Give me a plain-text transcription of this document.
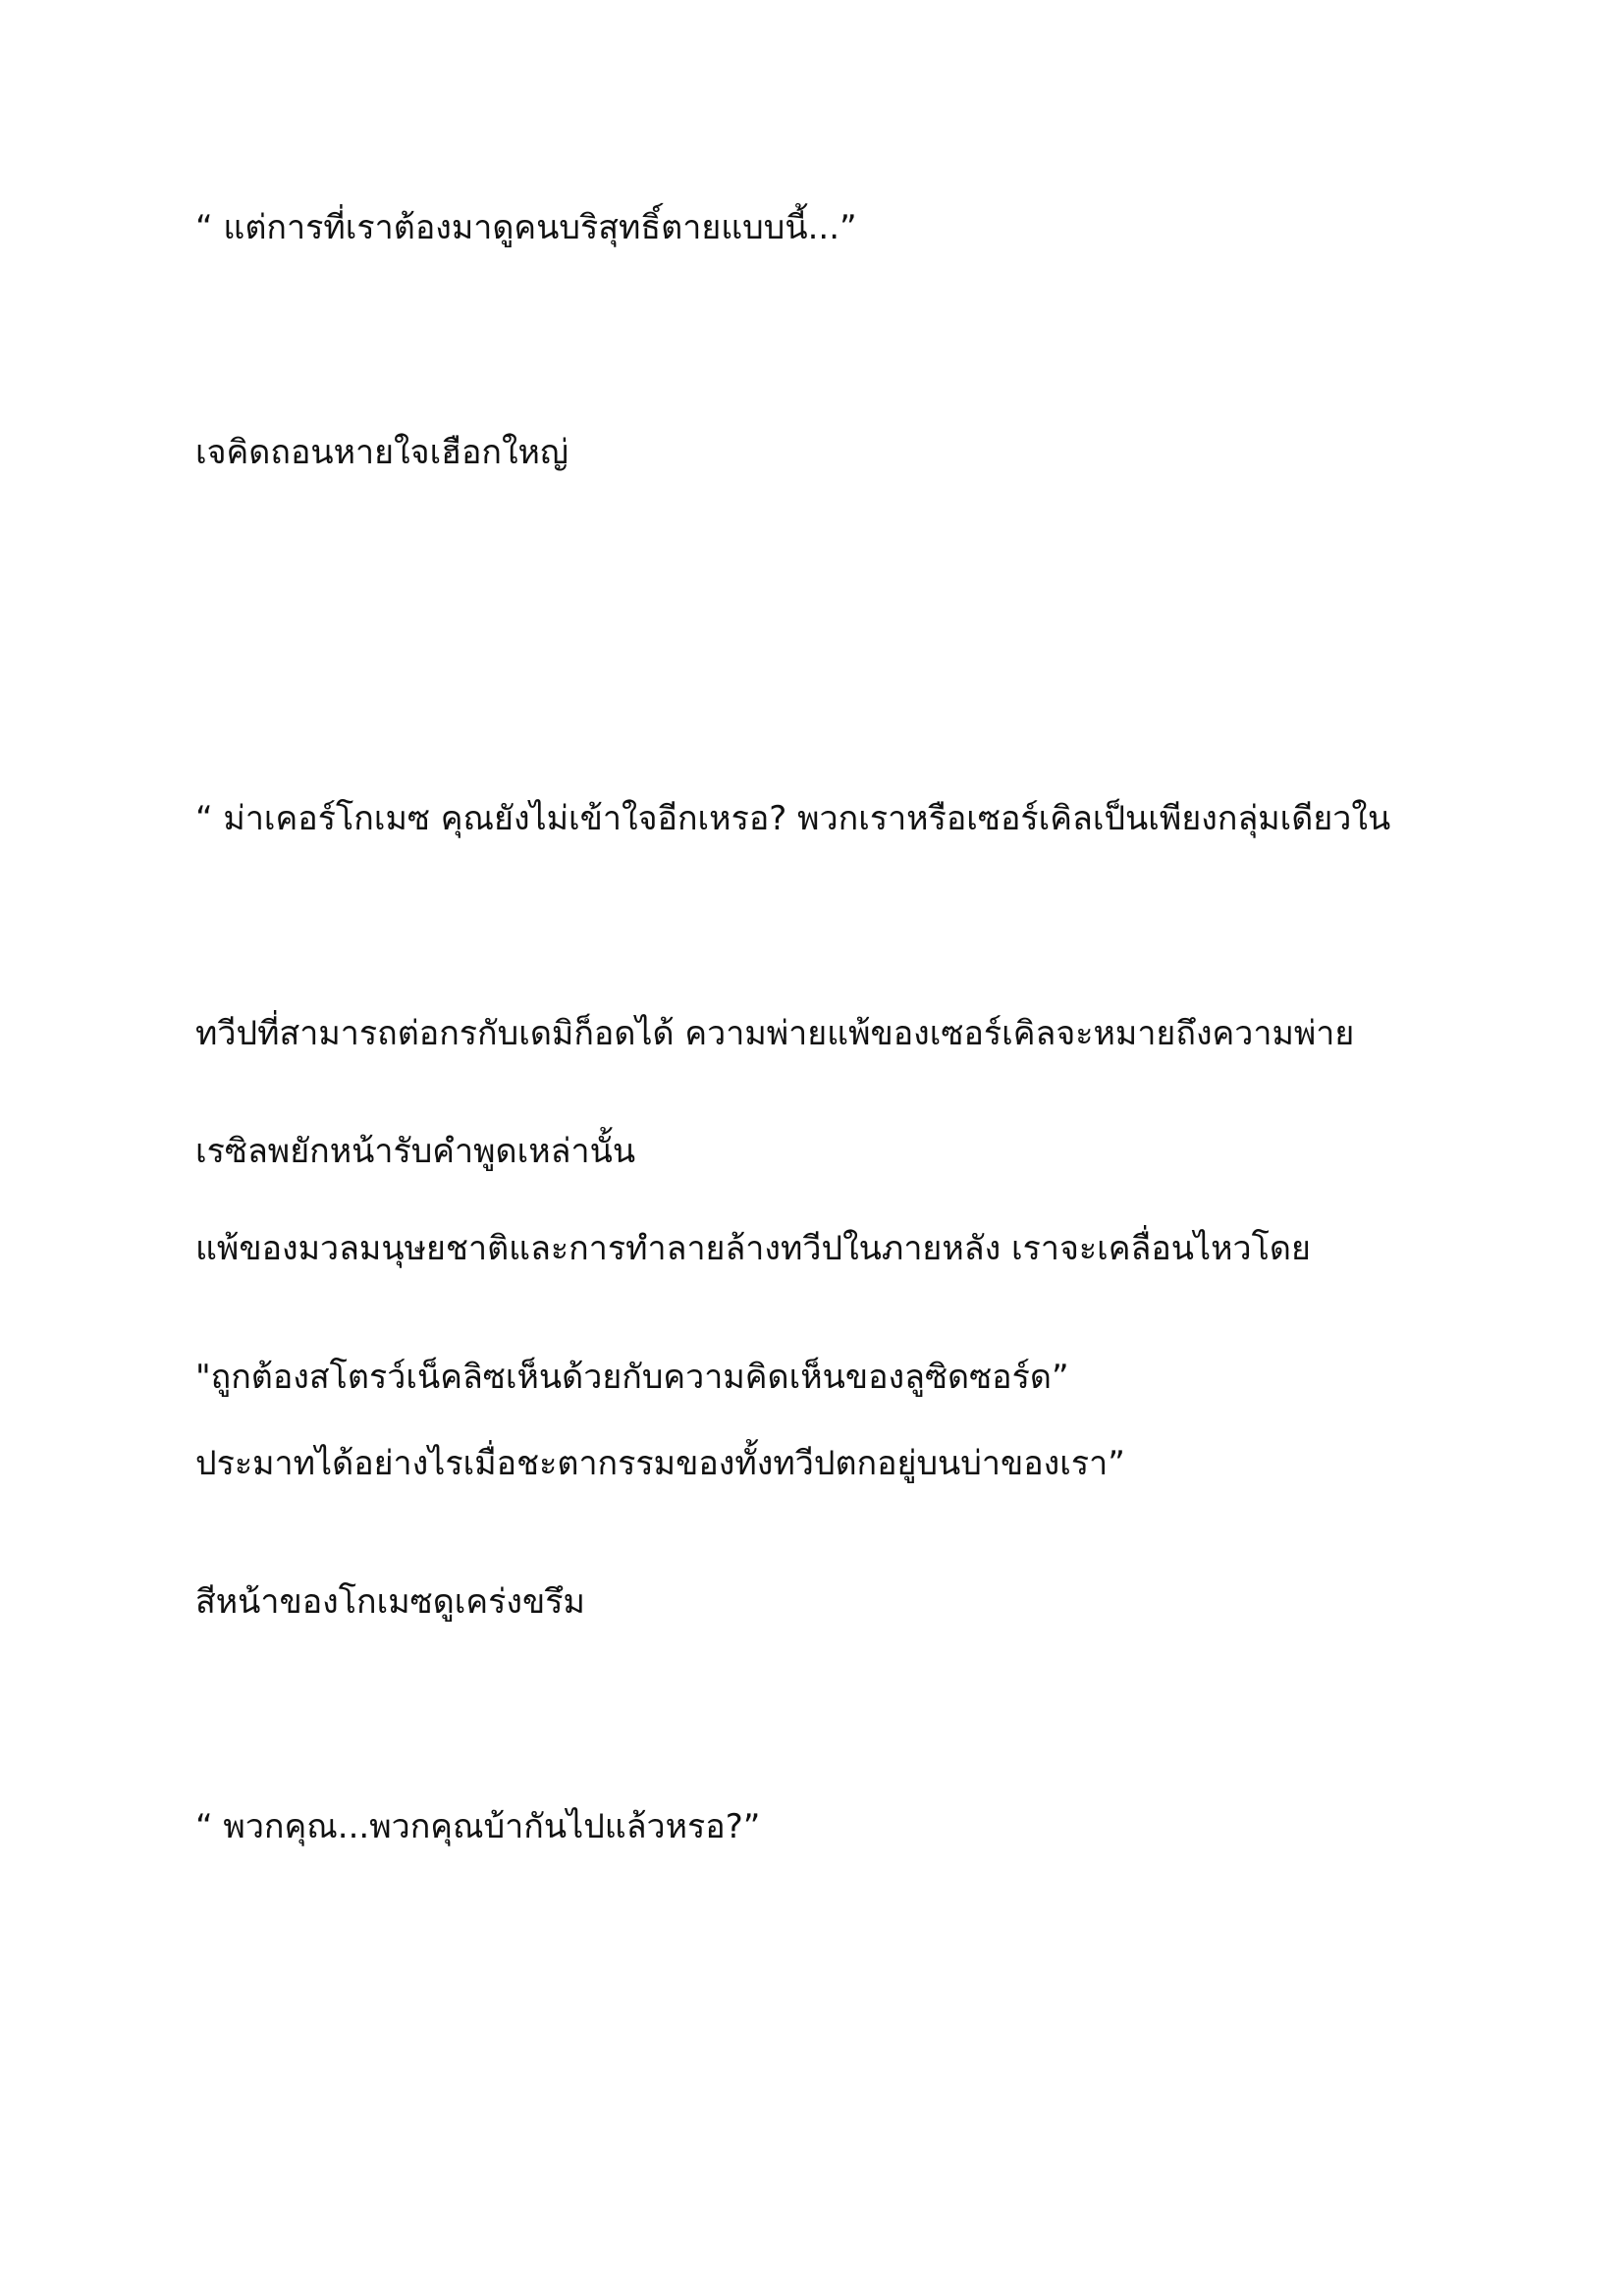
“ แต่การที่เราต้องมาดูคนบริสุทธิ์ตายแบบนี้...”

เจคิดถอนหายใจเฮือกใหญ่

“ ม่าเคอร์โกเมซ คุณยังไม่เข้าใจอีกเหรอ? พวกเราหรือเซอร์เคิลเป็นเพียงกลุ่มเดียวใน

ทวีปที่สามารถต่อกรกับเดมิก็อดได้ ความพ่ายแพ้ของเซอร์เคิลจะหมายถึงความพ่าย

แพ้ของมวลมนุษยชาติและการทำลายล้างทวีปในภายหลัง เราจะเคลื่อนไหวโดย

ประมาทได้อย่างไรเมื่อชะตากรรมของทั้งทวีปตกอยู่บนบ่าของเรา”

เรซิลพยักหน้ารับคำพูดเหล่านั้น

"ถูกต้องสโตรว์เน็คลิซเห็นด้วยกับความคิดเห็นของลูซิดซอร์ด”

สีหน้าของโกเมซดูเคร่งขรึม

“ พวกคุณ...พวกคุณบ้ากันไปแล้วหรอ?”
